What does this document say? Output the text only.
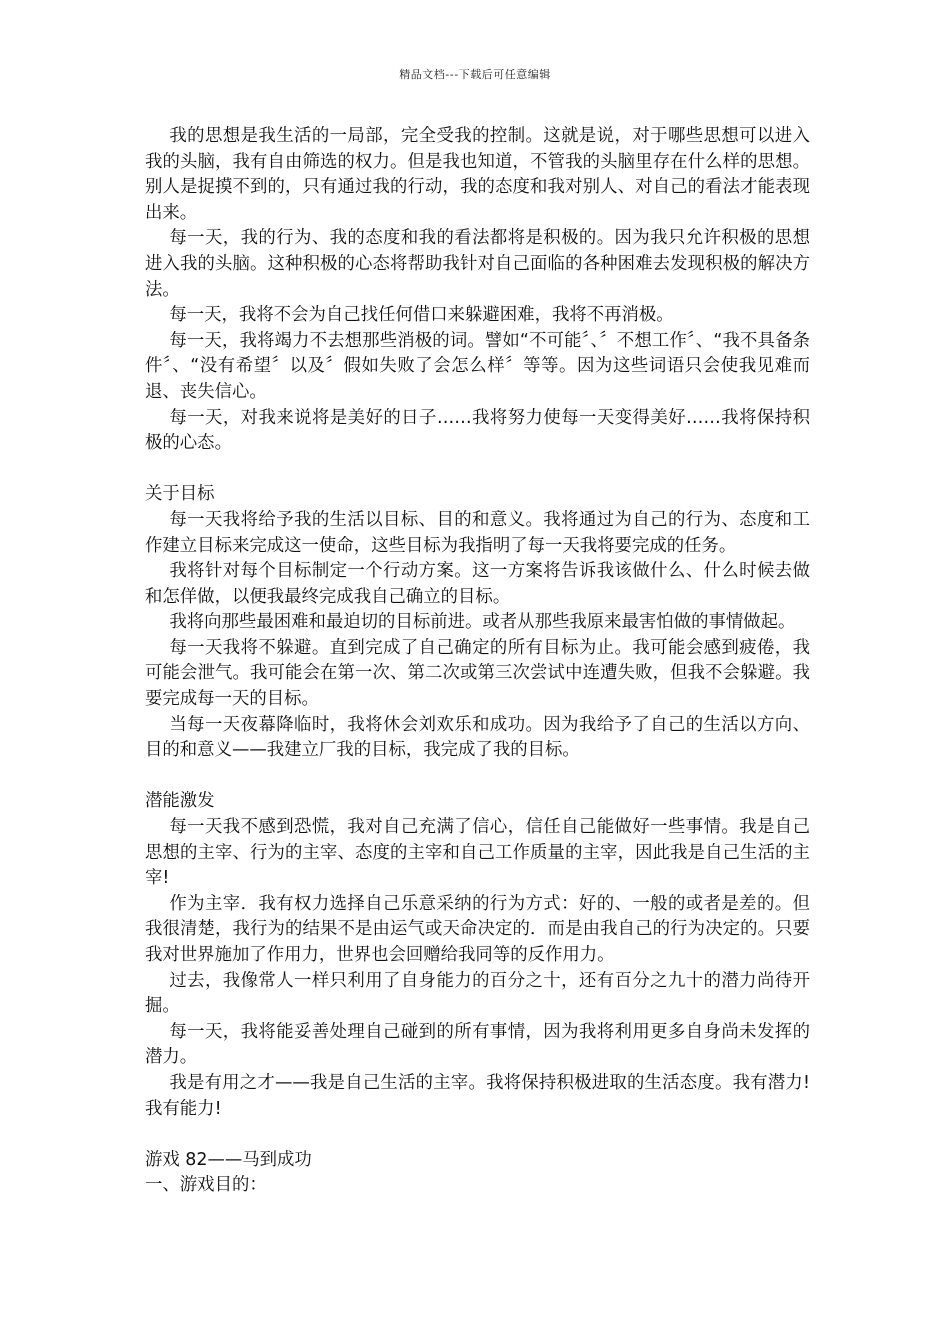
精品文档---下载后可任意编辑

我的思想是我生活的一局部，完全受我的控制。这就是说，对于哪些思想可以进入我的头脑，我有自由筛选的权力。但是我也知道，不管我的头脑里存在什么样的思想。别人是捉摸不到的，只有通过我的行动，我的态度和我对别人、对自己的看法才能表现出来。

每一天，我的行为、我的态度和我的看法都将是积极的。因为我只允许积极的思想进入我的头脑。这种积极的心态将帮助我针对自己面临的各种困难去发现积极的解决方法。

每一天，我将不会为自己找任何借口来躲避困难，我将不再消极。

每一天，我将竭力不去想那些消极的词。譬如“不可能〞、〞不想工作〞、“我不具备条件〞、“没有希望〞以及〞假如失败了会怎么样〞等等。因为这些词语只会使我见难而退、丧失信心。

每一天，对我来说将是美好的日子……我将努力使每一天变得美好……我将保持积极的心态。

关于目标

每一天我将给予我的生活以目标、目的和意义。我将通过为自己的行为、态度和工作建立目标来完成这一使命，这些目标为我指明了每一天我将要完成的任务。

我将针对每个目标制定一个行动方案。这一方案将告诉我该做什么、什么时候去做和怎佯做，以便我最终完成我自己确立的目标。

我将向那些最困难和最迫切的目标前进。或者从那些我原来最害怕做的事情做起。

每一天我将不躲避。直到完成了自己确定的所有目标为止。我可能会感到疲倦，我可能会泄气。我可能会在第一次、第二次或第三次尝试中连遭失败，但我不会躲避。我要完成每一天的目标。

当每一天夜幕降临时，我将休会刘欢乐和成功。因为我给予了自己的生活以方向、目的和意义——我建立厂我的目标，我完成了我的目标。

潜能激发

每一天我不感到恐慌，我对自己充满了信心，信任自己能做好一些事情。我是自己思想的主宰、行为的主宰、态度的主宰和自己工作质量的主宰，因此我是自己生活的主宰!

作为主宰．我有权力选择自己乐意采纳的行为方式：好的、一般的或者是差的。但我很清楚，我行为的结果不是由运气或天命决定的．而是由我自己的行为决定的。只要我对世界施加了作用力，世界也会回赠给我同等的反作用力。

过去，我像常人一样只利用了自身能力的百分之十，还有百分之九十的潜力尚待开掘。

每一天，我将能妥善处理自己碰到的所有事情，因为我将利用更多自身尚未发挥的潜力。

我是有用之才——我是自己生活的主宰。我将保持积极进取的生活态度。我有潜力!我有能力!

游戏 82——马到成功
一、游戏目的：
